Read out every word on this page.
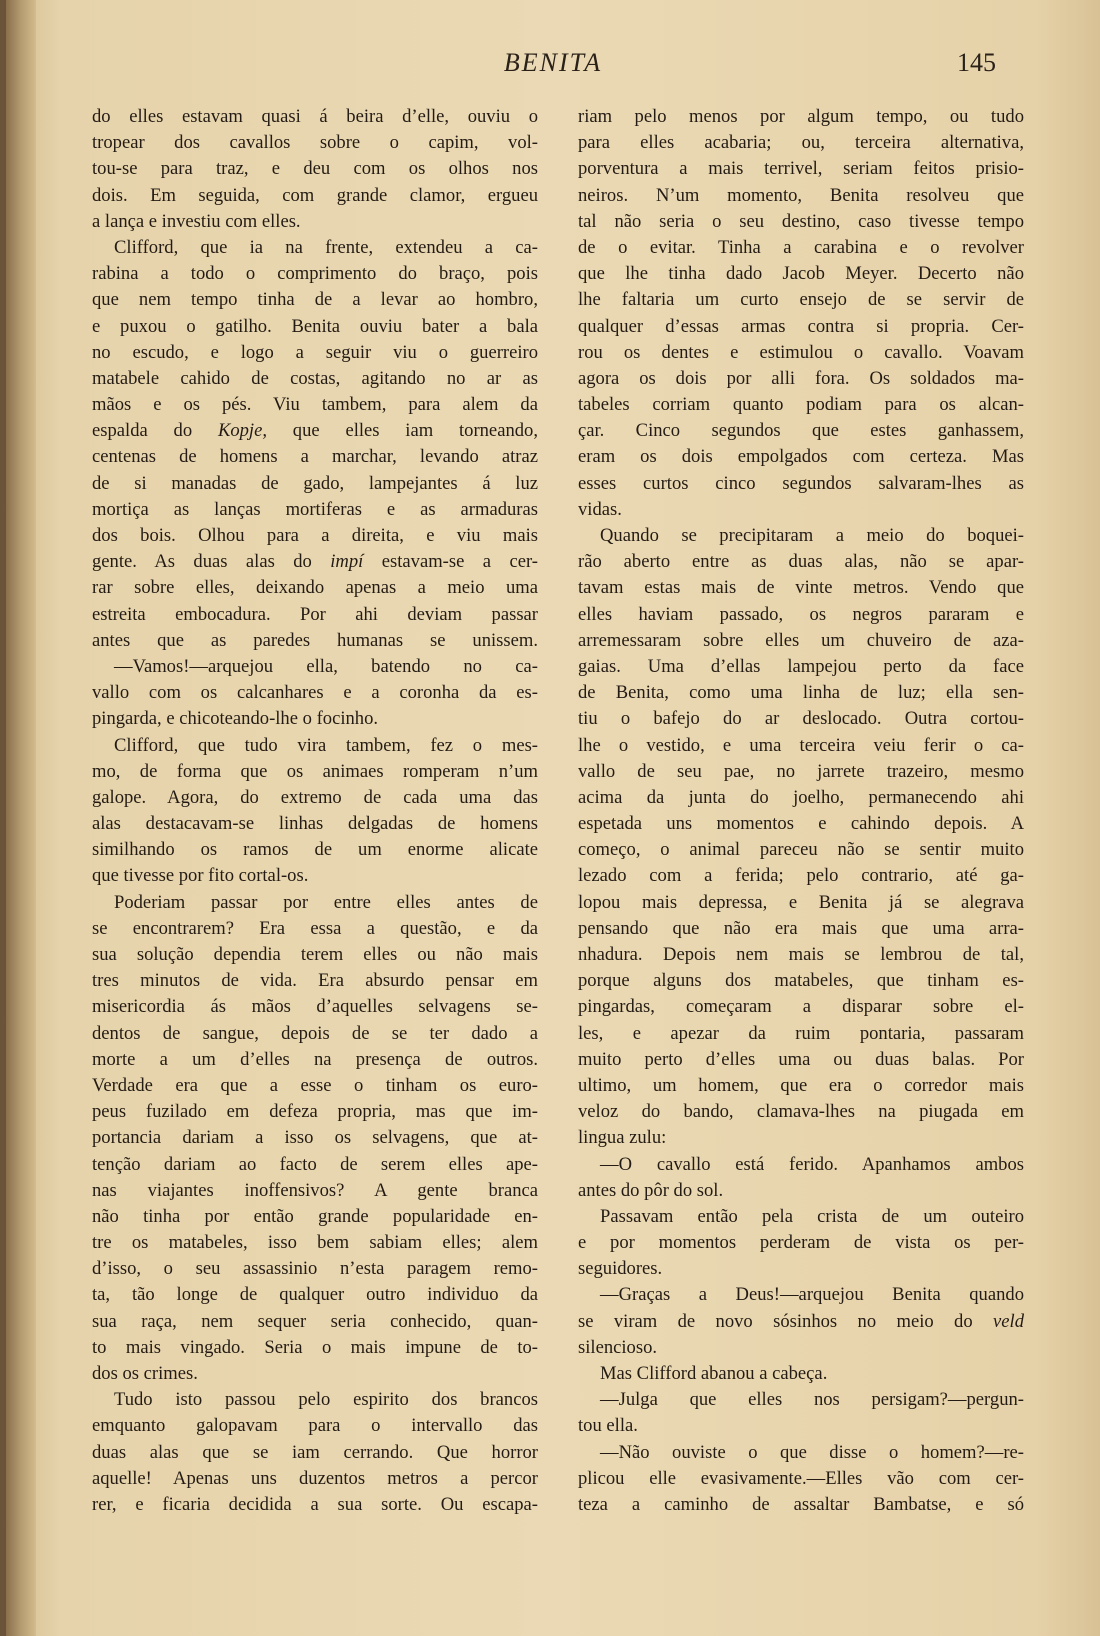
BENITA	145
do elles estavam quasi á beira d’elle, ouviu o
tropear dos cavallos sobre o capim, vol-
tou-se para traz, e deu com os olhos nos
dois. Em seguida, com grande clamor, ergueu
a lança e investiu com elles.
Clifford, que ia na frente, extendeu a ca-
rabina a todo o comprimento do braço, pois
que nem tempo tinha de a levar ao hombro,
e puxou o gatilho. Benita ouviu bater a bala
no escudo, e logo a seguir viu o guerreiro
matabele cahido de costas, agitando no ar as
mãos e os pés. Viu tambem, para alem da
espalda do Kopje, que elles iam torneando,
centenas de homens a marchar, levando atraz
de si manadas de gado, lampejantes á luz
mortiça as lanças mortiferas e as armaduras
dos bois. Olhou para a direita, e viu mais
gente. As duas alas do impí estavam-se a cer-
rar sobre elles, deixando apenas a meio uma
estreita embocadura. Por ahi deviam passar
antes que as paredes humanas se unissem.
—Vamos!—arquejou ella, batendo no ca-
vallo com os calcanhares e a coronha da es-
pingarda, e chicoteando-lhe o focinho.
Clifford, que tudo vira tambem, fez o mes-
mo, de forma que os animaes romperam n’um
galope. Agora, do extremo de cada uma das
alas destacavam-se linhas delgadas de homens
similhando os ramos de um enorme alicate
que tivesse por fito cortal-os.
Poderiam passar por entre elles antes de
se encontrarem? Era essa a questão, e da
sua solução dependia terem elles ou não mais
tres minutos de vida. Era absurdo pensar em
misericordia ás mãos d’aquelles selvagens se-
dentos de sangue, depois de se ter dado a
morte a um d’elles na presença de outros.
Verdade era que a esse o tinham os euro-
peus fuzilado em defeza propria, mas que im-
portancia dariam a isso os selvagens, que at-
tenção dariam ao facto de serem elles ape-
nas viajantes inoffensivos? A gente branca
não tinha por então grande popularidade en-
tre os matabeles, isso bem sabiam elles; alem
d’isso, o seu assassinio n’esta paragem remo-
ta, tão longe de qualquer outro individuo da
sua raça, nem sequer seria conhecido, quan-
to mais vingado. Seria o mais impune de to-
dos os crimes.
Tudo isto passou pelo espirito dos brancos
emquanto galopavam para o intervallo das
duas alas que se iam cerrando. Que horror
aquelle! Apenas uns duzentos metros a percor
rer, e ficaria decidida a sua sorte. Ou escapa-
riam pelo menos por algum tempo, ou tudo
para elles acabaria; ou, terceira alternativa,
porventura a mais terrivel, seriam feitos prisio-
neiros. N’um momento, Benita resolveu que
tal não seria o seu destino, caso tivesse tempo
de o evitar. Tinha a carabina e o revolver
que lhe tinha dado Jacob Meyer. Decerto não
lhe faltaria um curto ensejo de se servir de
qualquer d’essas armas contra si propria. Cer-
rou os dentes e estimulou o cavallo. Voavam
agora os dois por alli fora. Os soldados ma-
tabeles corriam quanto podiam para os alcan-
çar. Cinco segundos que estes ganhassem,
eram os dois empolgados com certeza. Mas
esses curtos cinco segundos salvaram-lhes as
vidas.
Quando se precipitaram a meio do boquei-
rão aberto entre as duas alas, não se apar-
tavam estas mais de vinte metros. Vendo que
elles haviam passado, os negros pararam e
arremessaram sobre elles um chuveiro de aza-
gaias. Uma d’ellas lampejou perto da face
de Benita, como uma linha de luz; ella sen-
tiu o bafejo do ar deslocado. Outra cortou-
lhe o vestido, e uma terceira veiu ferir o ca-
vallo de seu pae, no jarrete trazeiro, mesmo
acima da junta do joelho, permanecendo ahi
espetada uns momentos e cahindo depois. A
começo, o animal pareceu não se sentir muito
lezado com a ferida; pelo contrario, até ga-
lopou mais depressa, e Benita já se alegrava
pensando que não era mais que uma arra-
nhadura. Depois nem mais se lembrou de tal,
porque alguns dos matabeles, que tinham es-
pingardas, começaram a disparar sobre el-
les, e apezar da ruim pontaria, passaram
muito perto d’elles uma ou duas balas. Por
ultimo, um homem, que era o corredor mais
veloz do bando, clamava-lhes na piugada em
lingua zulu:
—O cavallo está ferido. Apanhamos ambos
antes do pôr do sol.
Passavam então pela crista de um outeiro
e por momentos perderam de vista os per-
seguidores.
—Graças a Deus!—arquejou Benita quando
se viram de novo sósinhos no meio do veld
silencioso.
Mas Clifford abanou a cabeça.
—Julga que elles nos persigam?—pergun-
tou ella.
—Não ouviste o que disse o homem?—re-
plicou elle evasivamente.—Elles vão com cer-
teza a caminho de assaltar Bambatse, e só
